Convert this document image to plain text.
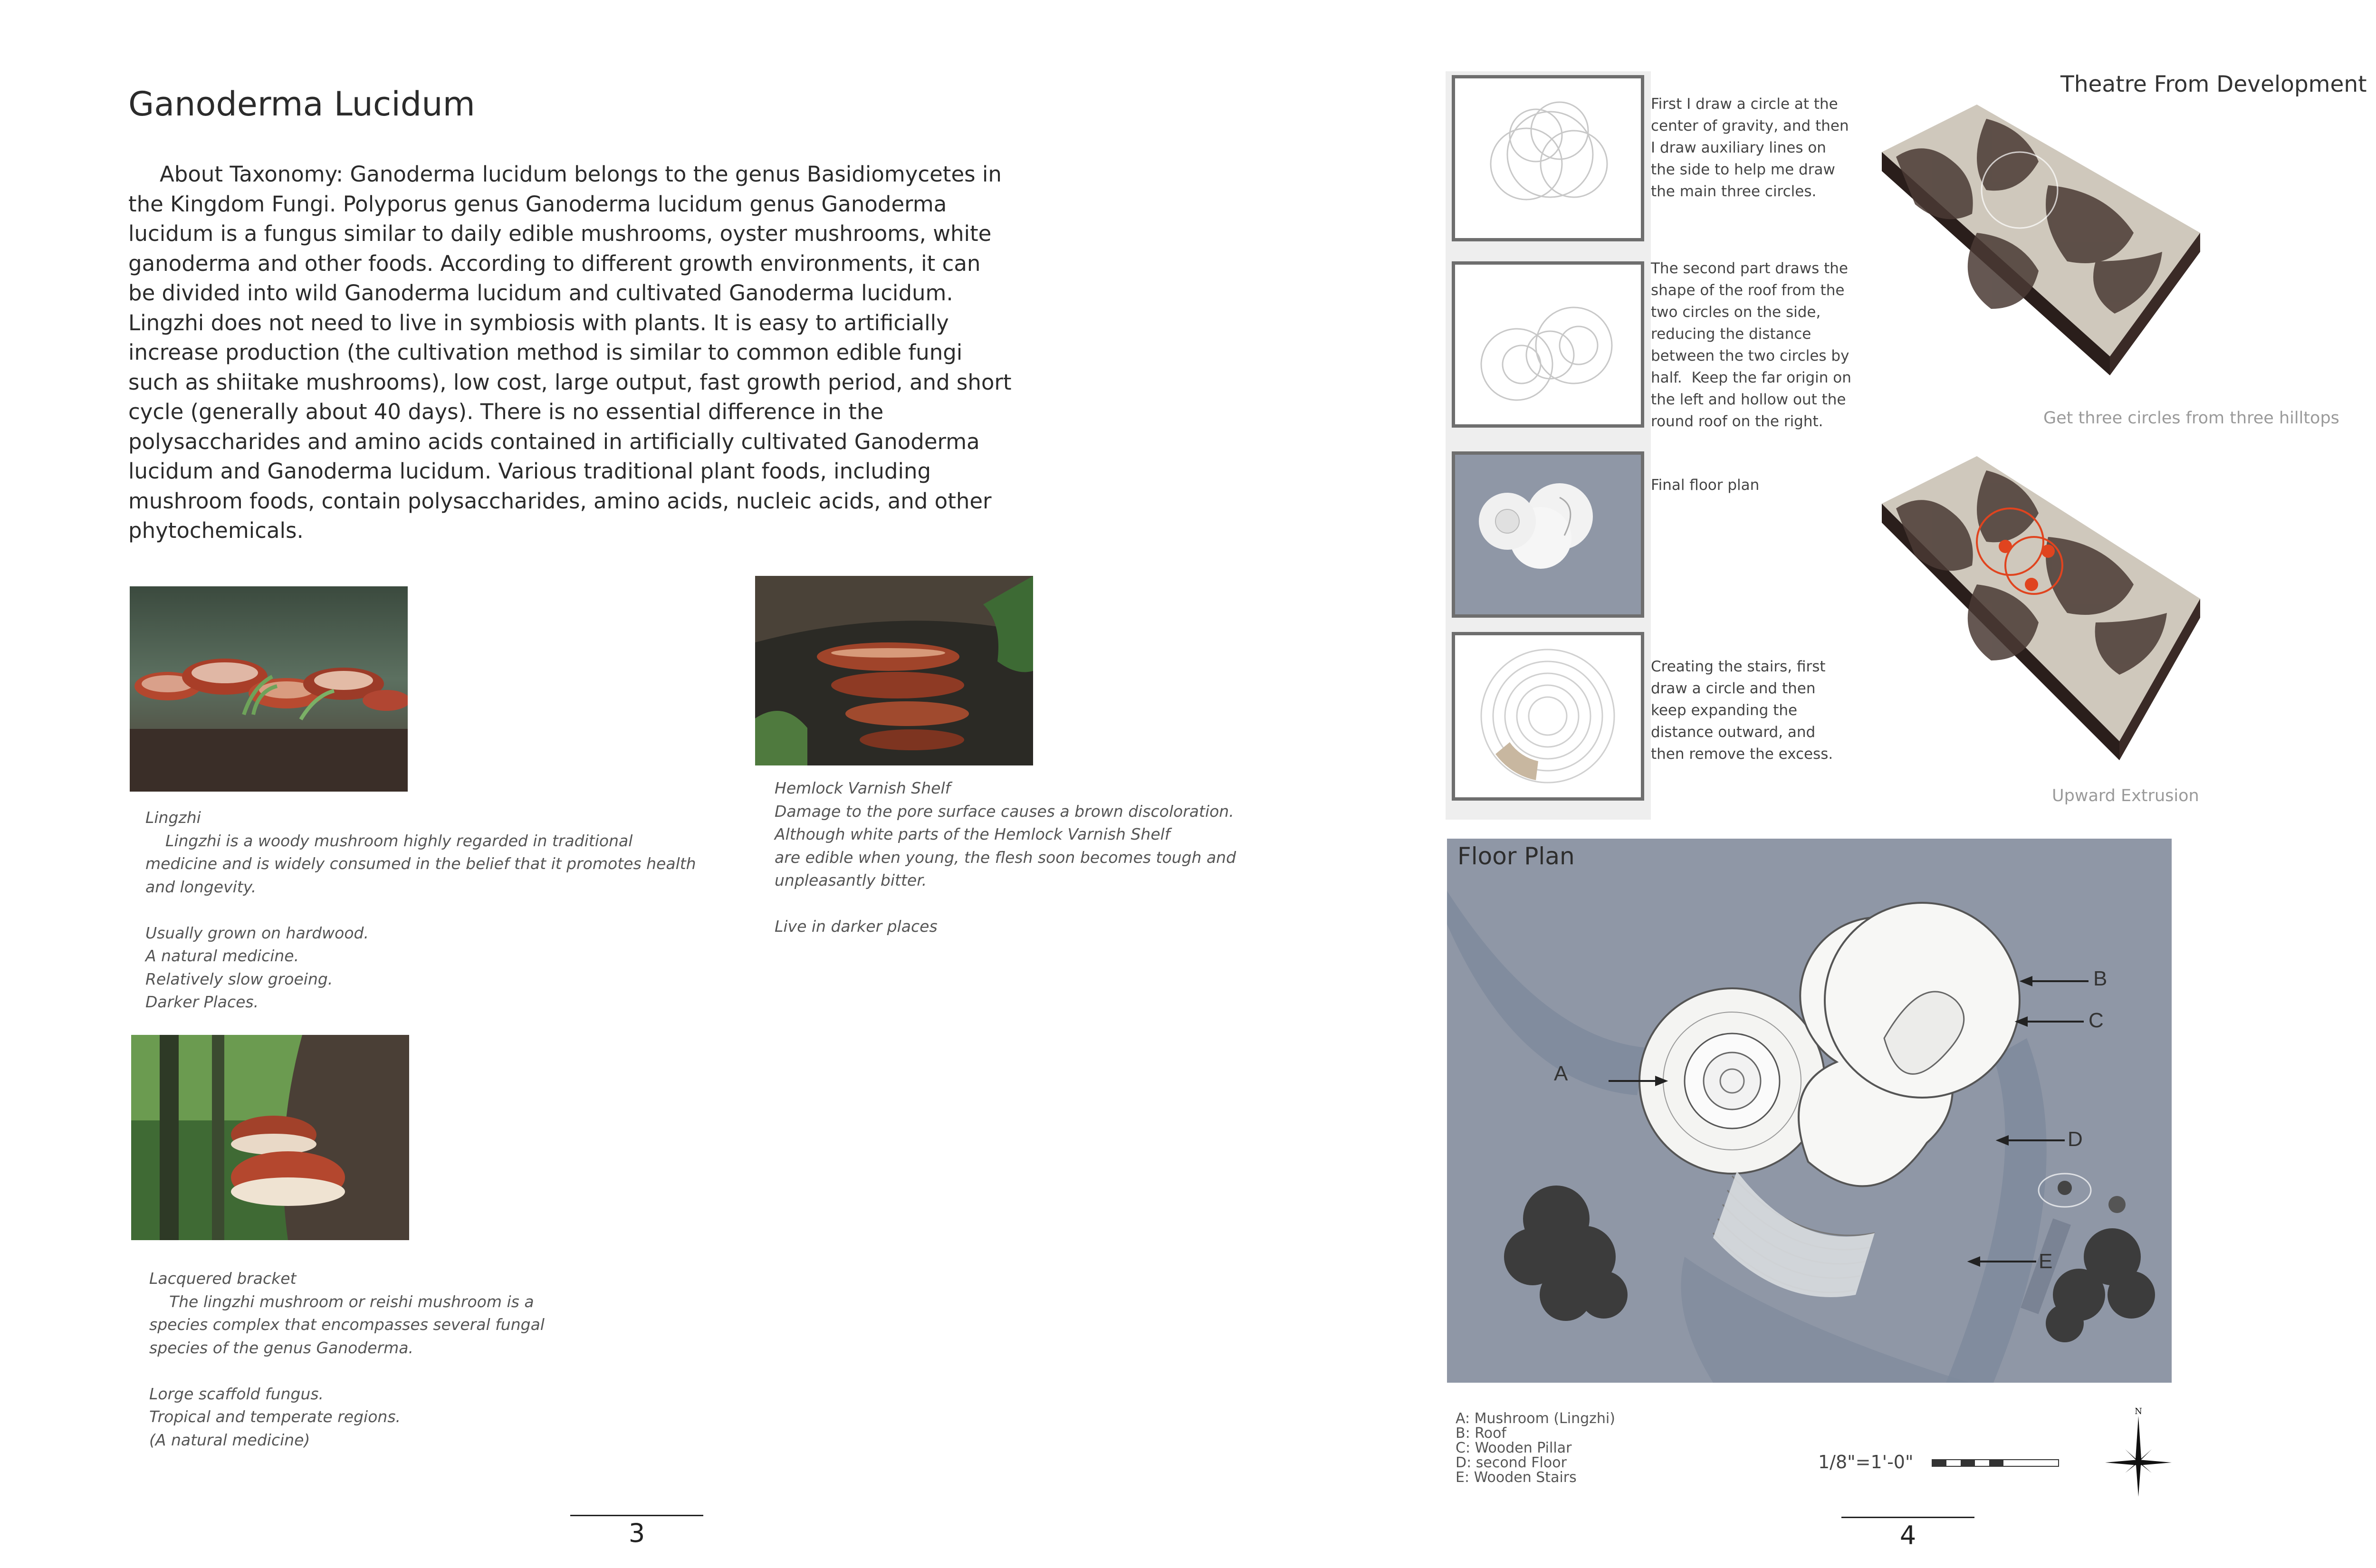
Ganoderma Lucidum

About Taxonomy: Ganoderma lucidum belongs to the genus Basidiomycetes in the Kingdom Fungi. Polyporus genus Ganoderma lucidum genus Ganoderma lucidum is a fungus similar to daily edible mushrooms, oyster mushrooms, white ganoderma and other foods. According to different growth environments, it can be divided into wild Ganoderma lucidum and cultivated Ganoderma lucidum. Lingzhi does not need to live in symbiosis with plants. It is easy to artificially increase production (the cultivation method is similar to common edible fungi such as shiitake mushrooms), low cost, large output, fast growth period, and short cycle (generally about 40 days). There is no essential difference in the polysaccharides and amino acids contained in artificially cultivated Ganoderma lucidum and Ganoderma lucidum. Various traditional plant foods, including mushroom foods, contain polysaccharides, amino acids, nucleic acids, and other phytochemicals.

Lingzhi
Lingzhi is a woody mushroom highly regarded in traditional
medicine and is widely consumed in the belief that it promotes health
and longevity.

Usually grown on hardwood.
A natural medicine.
Relatively slow groeing.
Darker Places.

Hemlock Varnish Shelf
Damage to the pore surface causes a brown discoloration.
Although white parts of the Hemlock Varnish Shelf
are edible when young, the flesh soon becomes tough and
unpleasantly bitter.

Live in darker places

Lacquered bracket
The lingzhi mushroom or reishi mushroom is a
species complex that encompasses several fungal
species of the genus Ganoderma.

Lorge scaffold fungus.
Tropical and temperate regions.
(A natural medicine)

3

First I draw a circle at the
center of gravity, and then
I draw auxiliary lines on
the side to help me draw
the main three circles.

The second part draws the
shape of the roof from the
two circles on the side,
reducing the distance
between the two circles by
half.  Keep the far origin on
the left and hollow out the
round roof on the right.

Final floor plan

Creating the stairs, first
draw a circle and then
keep expanding the
distance outward, and
then remove the excess.

Theatre From Development
Get three circles from three hilltops
Upward Extrusion
Floor Plan
A
B
C
D
E

A: Mushroom (Lingzhi)
B: Roof
C: Wooden Pillar
D: second Floor
E: Wooden Stairs

1/8"=1'-0"
N
4
